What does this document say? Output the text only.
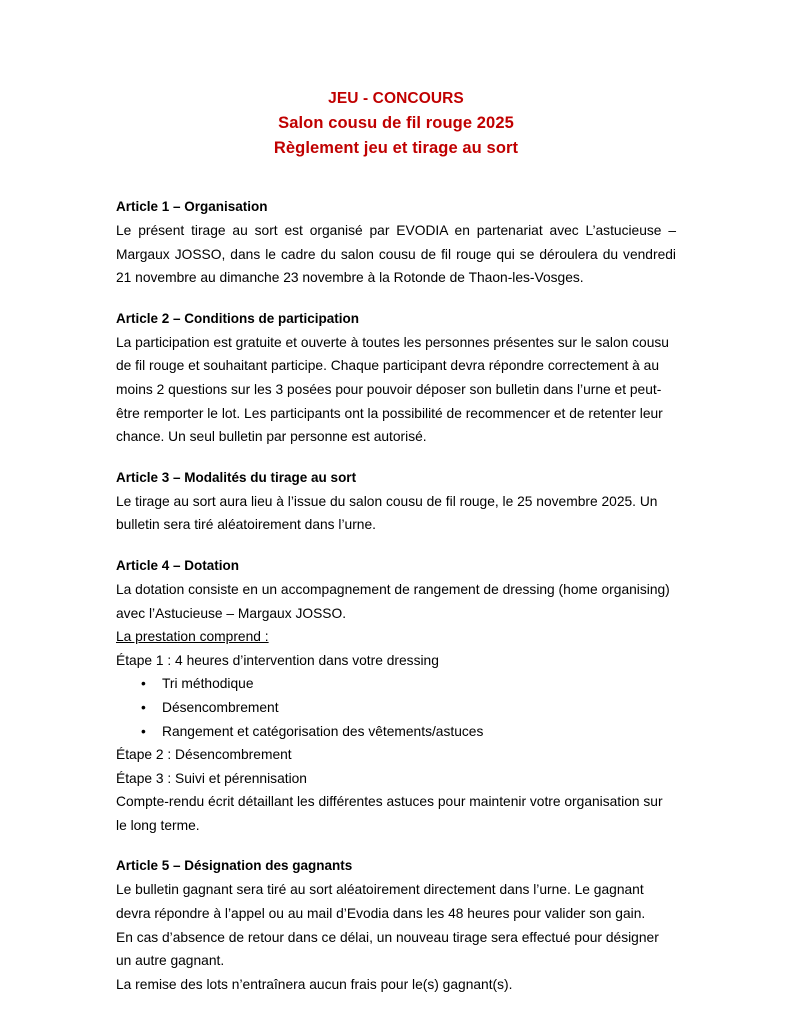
JEU - CONCOURS
Salon cousu de fil rouge 2025
Règlement jeu et tirage au sort
Article 1 – Organisation

Le présent tirage au sort est organisé par EVODIA en partenariat avec L’astucieuse – Margaux JOSSO, dans le cadre du salon cousu de fil rouge qui se déroulera du vendredi 21 novembre au dimanche 23 novembre à la Rotonde de Thaon-les-Vosges.

Article 2 – Conditions de participation

La participation est gratuite et ouverte à toutes les personnes présentes sur le salon cousu de fil rouge et souhaitant participe. Chaque participant devra répondre correctement à au moins 2 questions sur les 3 posées pour pouvoir déposer son bulletin dans l’urne et peut-être remporter le lot. Les participants ont la possibilité de recommencer et de retenter leur chance. Un seul bulletin par personne est autorisé.

Article 3 – Modalités du tirage au sort

Le tirage au sort aura lieu à l’issue du salon cousu de fil rouge, le 25 novembre 2025. Un bulletin sera tiré aléatoirement dans l’urne.

Article 4 – Dotation

La dotation consiste en un accompagnement de rangement de dressing (home organising) avec l’Astucieuse – Margaux JOSSO.

La prestation comprend :

Étape 1 : 4 heures d’intervention dans votre dressing

• Tri méthodique
• Désencombrement
• Rangement et catégorisation des vêtements/astuces

Étape 2 : Désencombrement

Étape 3 : Suivi et pérennisation

Compte-rendu écrit détaillant les différentes astuces pour maintenir votre organisation sur le long terme.

Article 5 – Désignation des gagnants

Le bulletin gagnant sera tiré au sort aléatoirement directement dans l’urne. Le gagnant devra répondre à l’appel ou au mail d’Evodia dans les 48 heures pour valider son gain.

En cas d’absence de retour dans ce délai, un nouveau tirage sera effectué pour désigner un autre gagnant.

La remise des lots n’entraînera aucun frais pour le(s) gagnant(s).
